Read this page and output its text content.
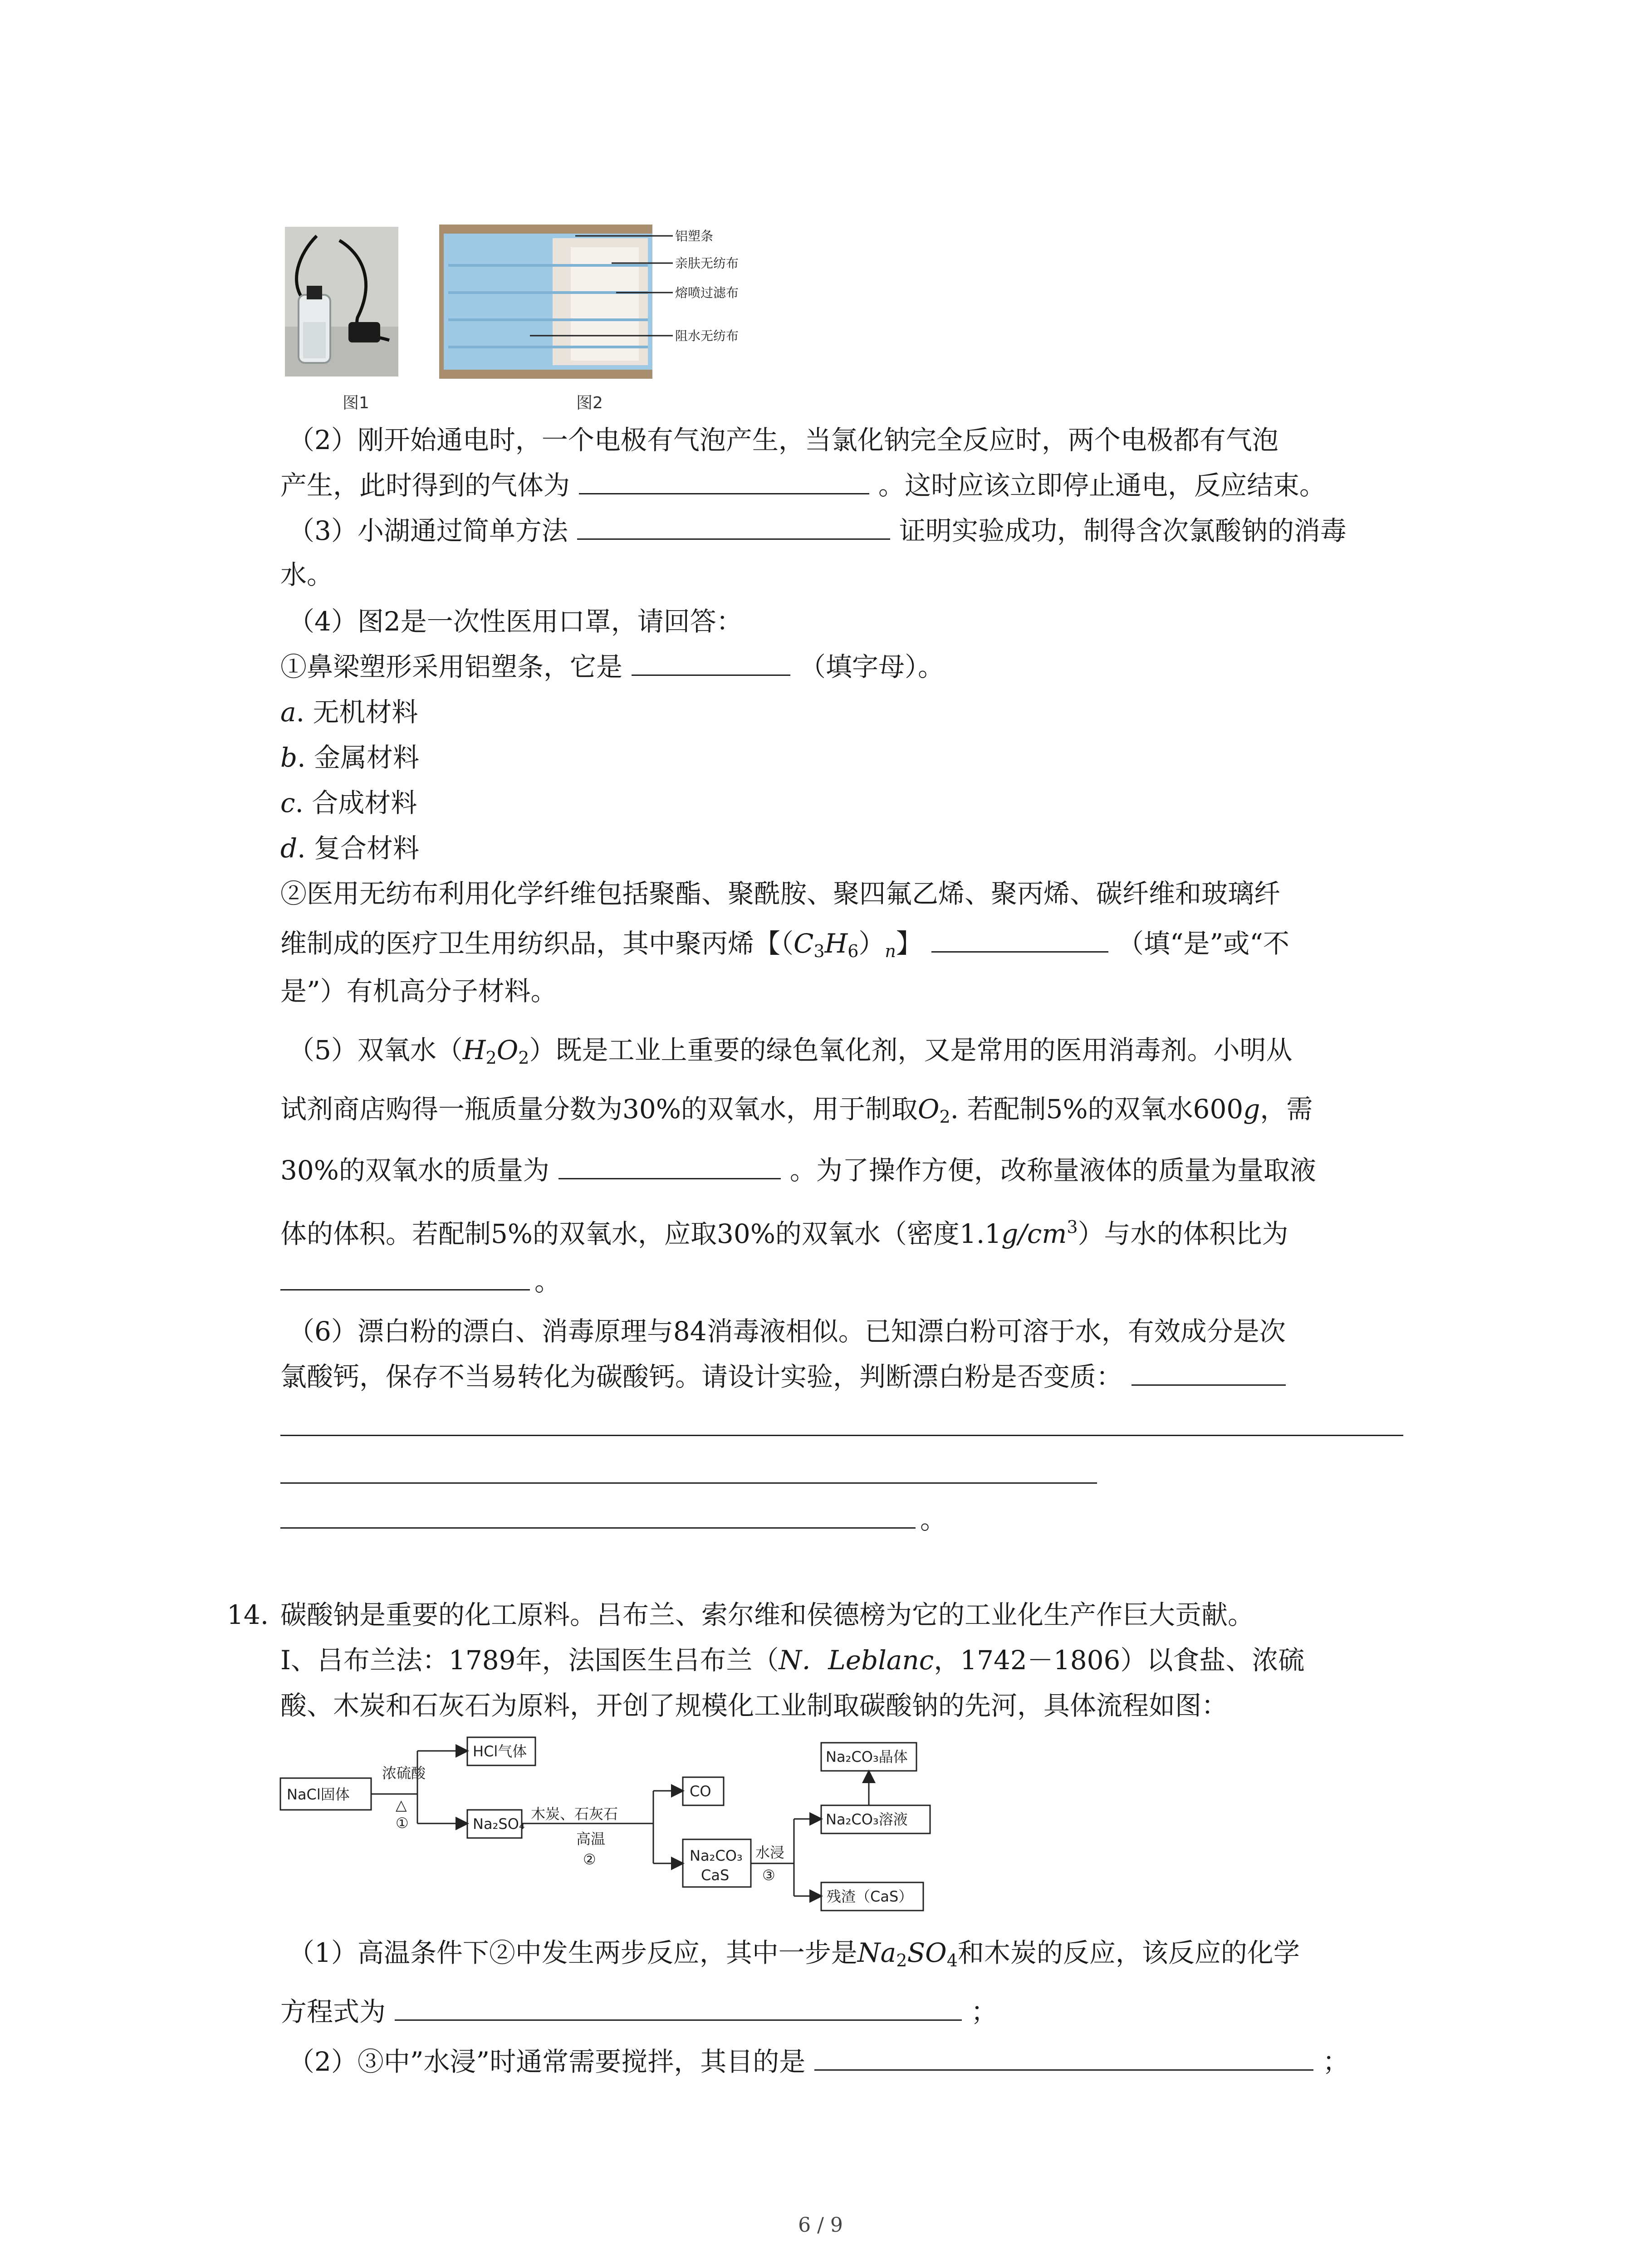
图1
铝塑条
亲肤无纺布
熔喷过滤布
阻水无纺布
图2
（2）刚开始通电时，一个电极有气泡产生，当氯化钠完全反应时，两个电极都有气泡
产生，此时得到的气体为	。这时应该立即停止通电，反应结束。
（3）小湖通过简单方法	证明实验成功，制得含次氯酸钠的消毒
水。
（4）图2是一次性医用口罩，请回答：
①鼻梁塑形采用铝塑条，它是	（填字母）。
a. 无机材料
b. 金属材料
c. 合成材料
d. 复合材料
②医用无纺布利用化学纤维包括聚酯、聚酰胺、聚四氟乙烯、聚丙烯、碳纤维和玻璃纤
维制成的医疗卫生用纺织品，其中聚丙烯【$(C_3H_6)_n$】	（填“是”或“不
是”）有机高分子材料。
（5）双氧水$(H_2O_2)$既是工业上重要的绿色氧化剂，又是常用的医用消毒剂。小明从
试剂商店购得一瓶质量分数为30%的双氧水，用于制取$O_2$. 若配制5%的双氧水600g，需
30%的双氧水的质量为	。为了操作方便，改称量液体的质量为量取液
体的体积。若配制5%的双氧水，应取30%的双氧水（密度$1.1g/cm^3$）与水的体积比为
。
（6）漂白粉的漂白、消毒原理与84消毒液相似。已知漂白粉可溶于水，有效成分是次
氯酸钙，保存不当易转化为碳酸钙。请设计实验，判断漂白粉是否变质：
。
14. 碳酸钠是重要的化工原料。吕布兰、索尔维和侯德榜为它的工业化生产作巨大贡献。
Ⅰ、吕布兰法：1789年，法国医生吕布兰（N．Leblanc，1742－1806）以食盐、浓硫
酸、木炭和石灰石为原料，开创了规模化工业制取碳酸钠的先河，具体流程如图：
NaCl固体
浓硫酸
△
①
HCl气体
Na₂SO₄
木炭、石灰石
高温
②
CO
Na₂CO₃
CaS
水浸
③
Na₂CO₃晶体
Na₂CO₃溶液
残渣（CaS）
（1）高温条件下②中发生两步反应，其中一步是$Na_2SO_4$和木炭的反应，该反应的化学
方程式为	；
（2）③中”水浸”时通常需要搅拌，其目的是	；
6 / 9
